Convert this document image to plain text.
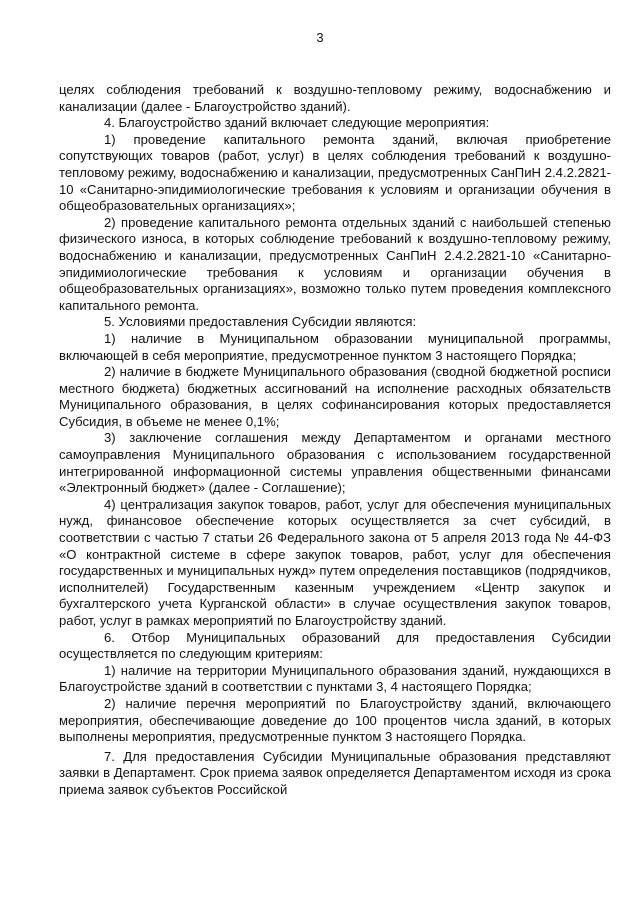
3

целях соблюдения требований к воздушно-тепловому режиму, водоснабжению и канализации (далее - Благоустройство зданий).

4. Благоустройство зданий включает следующие мероприятия:

1) проведение капитального ремонта зданий, включая приобретение сопутствующих товаров (работ, услуг) в целях соблюдения требований к воздушно-тепловому режиму, водоснабжению и канализации, предусмотренных СанПиН 2.4.2.2821-10 «Санитарно-эпидимиологические требования к условиям и организации обучения в общеобразовательных организациях»;

2) проведение капитального ремонта отдельных зданий с наибольшей степенью физического износа, в которых соблюдение требований к воздушно-тепловому режиму, водоснабжению и канализации, предусмотренных СанПиН 2.4.2.2821-10 «Санитарно-эпидимиологические требования к условиям и организации обучения в общеобразовательных организациях», возможно только путем проведения комплексного капитального ремонта.

5. Условиями предоставления Субсидии являются:

1) наличие в Муниципальном образовании муниципальной программы, включающей в себя мероприятие, предусмотренное пунктом 3 настоящего Порядка;

2) наличие в бюджете Муниципального образования (сводной бюджетной росписи местного бюджета) бюджетных ассигнований на исполнение расходных обязательств Муниципального образования, в целях софинансирования которых предоставляется Субсидия, в объеме не менее 0,1%;

3) заключение соглашения между Департаментом и органами местного самоуправления Муниципального образования с использованием государственной интегрированной информационной системы управления общественными финансами «Электронный бюджет» (далее - Соглашение);

4) централизация закупок товаров, работ, услуг для обеспечения муниципальных нужд, финансовое обеспечение которых осуществляется за счет субсидий, в соответствии с частью 7 статьи 26 Федерального закона от 5 апреля 2013 года № 44-ФЗ «О контрактной системе в сфере закупок товаров, работ, услуг для обеспечения государственных и муниципальных нужд» путем определения поставщиков (подрядчиков, исполнителей) Государственным казенным учреждением «Центр закупок и бухгалтерского учета Курганской области» в случае осуществления закупок товаров, работ, услуг в рамках мероприятий по Благоустройству зданий.

6. Отбор Муниципальных образований для предоставления Субсидии осуществляется по следующим критериям:

1) наличие на территории Муниципального образования зданий, нуждающихся в Благоустройстве зданий в соответствии с пунктами 3, 4 настоящего Порядка;

2) наличие перечня мероприятий по Благоустройству зданий, включающего мероприятия, обеспечивающие доведение до 100 процентов числа зданий, в которых выполнены мероприятия, предусмотренные пунктом 3 настоящего Порядка.

7. Для предоставления Субсидии Муниципальные образования представляют заявки в Департамент. Срок приема заявок определяется Департаментом исходя из срока приема заявок субъектов Российской
